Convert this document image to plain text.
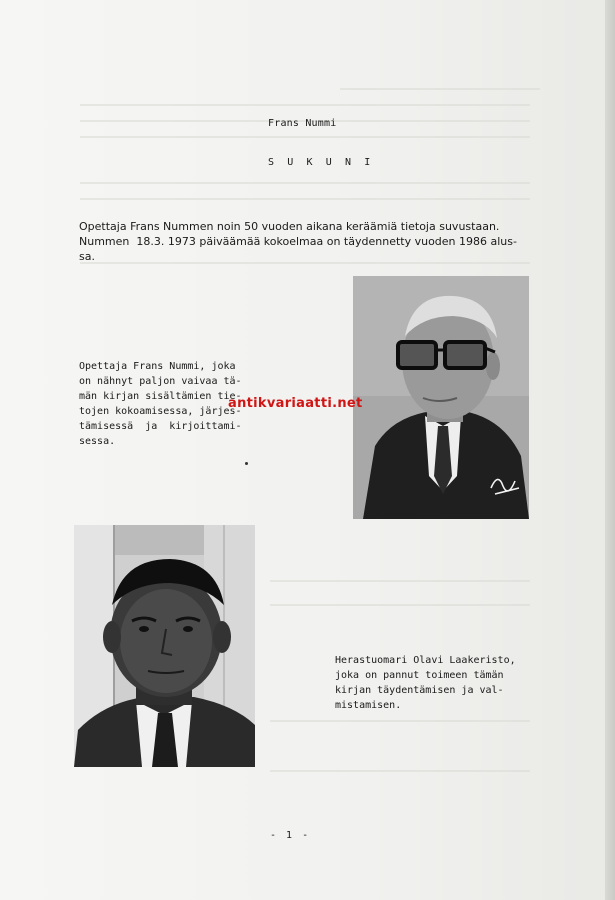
Frans Nummi
S U K U N I
Opettaja Frans Nummen noin 50 vuoden aikana keräämiä tietoja suvustaan.
Nummen  18.3. 1973 päiväämää kokoelmaa on täydennetty vuoden 1986 alus-
sa.
Opettaja Frans Nummi, joka
on nähnyt paljon vaivaa tä-
män kirjan sisältämien tie-
tojen kokoamisessa, järjes-
tämisessä  ja  kirjoittami-
sessa.
antikvariaatti.net
Herastuomari Olavi Laakeristo,
joka on pannut toimeen tämän
kirjan täydentämisen ja val-
mistamisen.
- 1 -
